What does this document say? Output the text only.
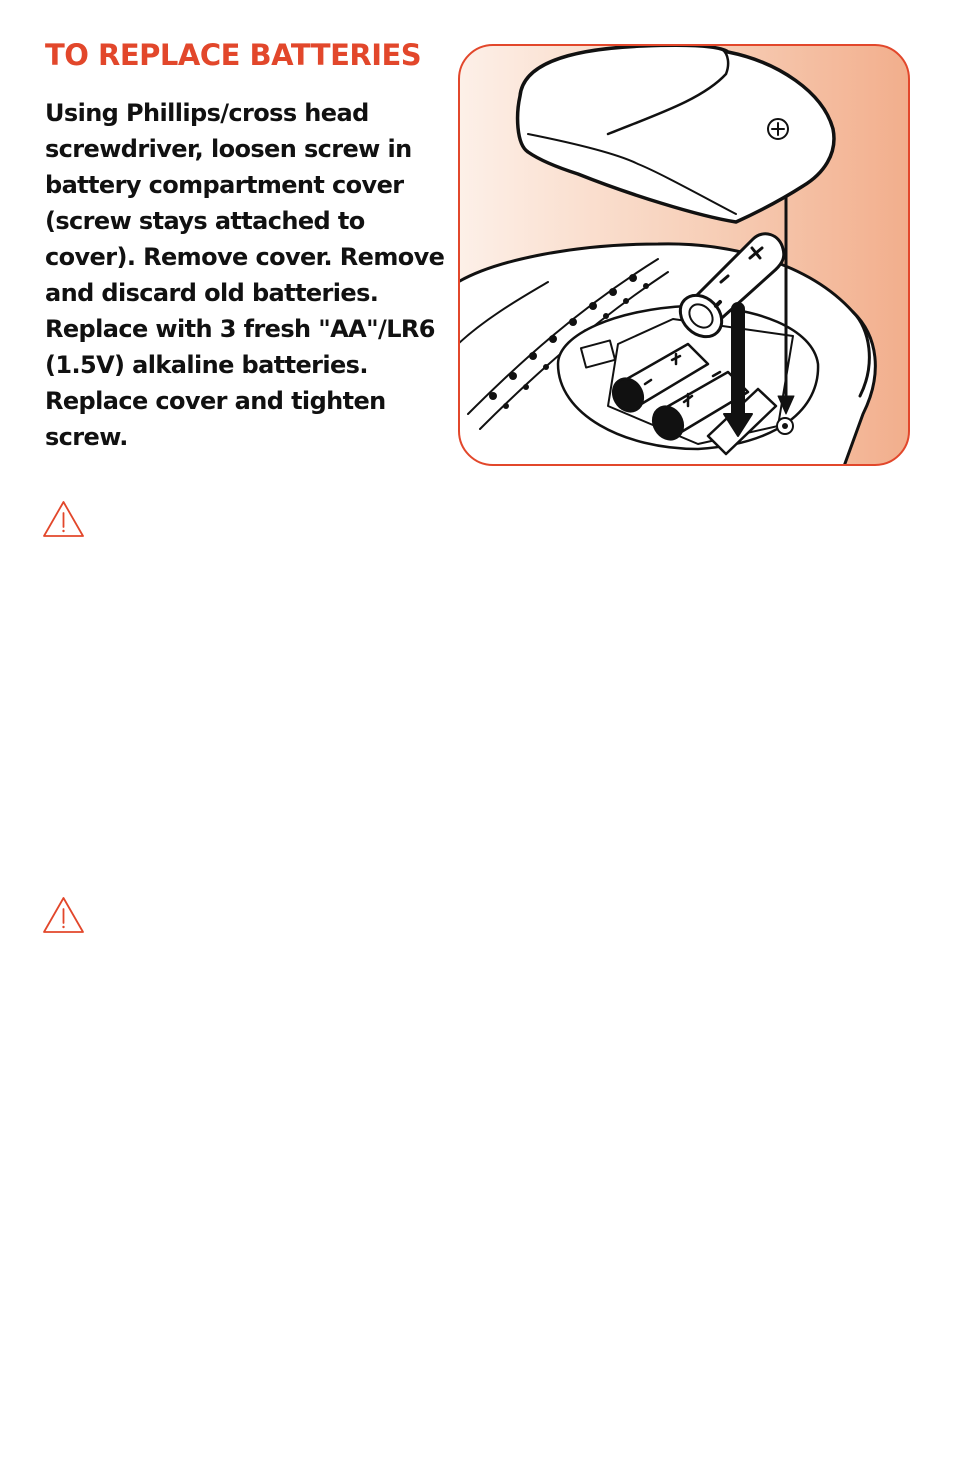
TO REPLACE BATTERIES

Using Phillips/cross head screwdriver, loosen screw in battery compartment cover (screw stays attached to cover). Remove cover. Remove and discard old batteries. Replace with 3 fresh "AA"/LR6 (1.5V) alkaline batteries. Replace cover and tighten screw.
